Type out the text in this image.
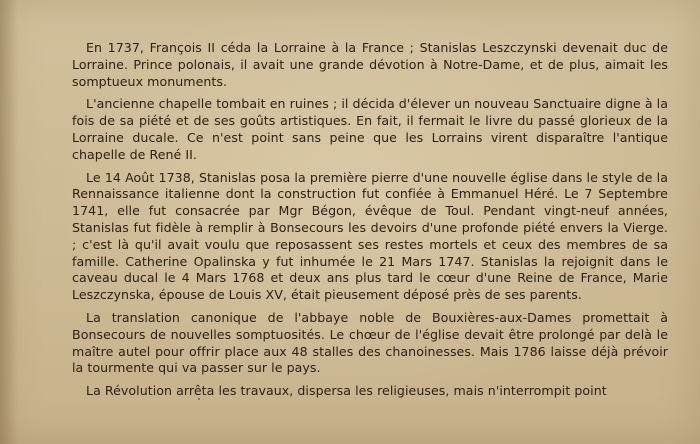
En 1737, François II céda la Lorraine à la France ; Stanislas Leszczynski devenait duc de Lorraine. Prince polonais, il avait une grande dévotion à Notre-Dame, et de plus, aimait les somptueux monuments.

L'ancienne chapelle tombait en ruines ; il décida d'élever un nouveau Sanctuaire digne à la fois de sa piété et de ses goûts artistiques. En fait, il fermait le livre du passé glorieux de la Lorraine ducale. Ce n'est point sans peine que les Lorrains virent disparaître l'antique chapelle de René II.

Le 14 Août 1738, Stanislas posa la première pierre d'une nouvelle église dans le style de la Rennaissance italienne dont la construction fut confiée à Emmanuel Héré. Le 7 Septembre 1741, elle fut consacrée par Mgr Bégon, évêque de Toul. Pendant vingt-neuf années, Stanislas fut fidèle à remplir à Bonsecours les devoirs d'une profonde piété envers la Vierge. ; c'est là qu'il avait voulu que reposassent ses restes mortels et ceux des membres de sa famille. Catherine Opalinska y fut inhumée le 21 Mars 1747. Stanislas la rejoignit dans le caveau ducal le 4 Mars 1768 et deux ans plus tard le cœur d'une Reine de France, Marie Leszczynska, épouse de Louis XV, était pieusement déposé près de ses parents.

La translation canonique de l'abbaye noble de Bouxières-aux-Dames promettait à Bonsecours de nouvelles somptuosités. Le chœur de l'église devait être prolongé par delà le maître autel pour offrir place aux 48 stalles des chanoinesses. Mais 1786 laisse déjà prévoir la tourmente qui va passer sur le pays.

La Révolution arrêta les travaux, dispersa les religieuses, mais n'interrompit point
